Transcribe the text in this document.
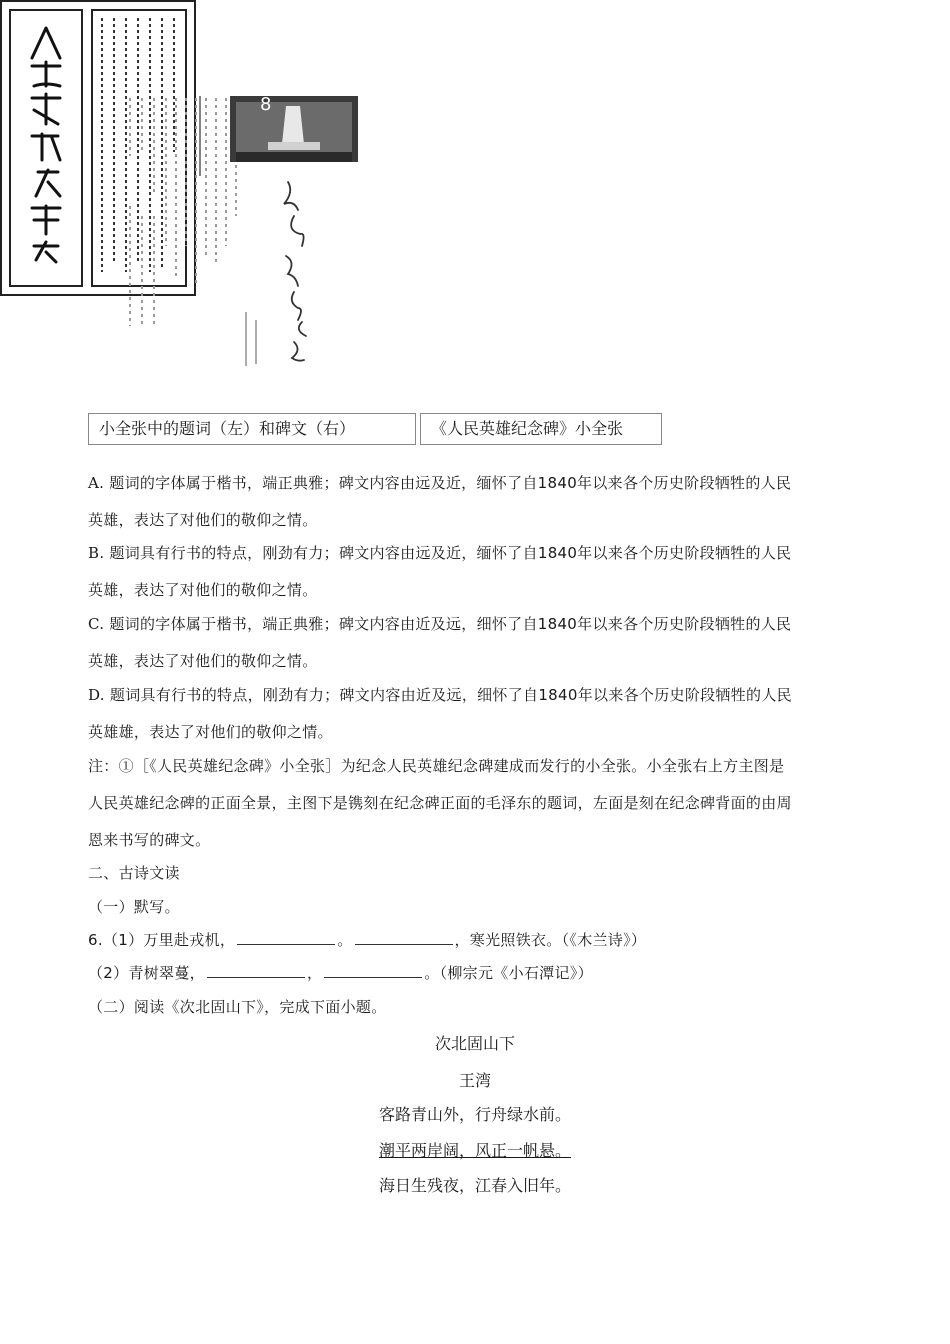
8
小全张中的题词（左）和碑文（右）	《人民英雄纪念碑》小全张
A. 题词的字体属于楷书，端正典雅；碑文内容由远及近，缅怀了自1840年以来各个历史阶段牺牲的人民
英雄，表达了对他们的敬仰之情。
B. 题词具有行书的特点，刚劲有力；碑文内容由远及近，缅怀了自1840年以来各个历史阶段牺牲的人民
英雄，表达了对他们的敬仰之情。
C. 题词的字体属于楷书，端正典雅；碑文内容由近及远，细怀了自1840年以来各个历史阶段牺牲的人民
英雄，表达了对他们的敬仰之情。
D. 题词具有行书的特点，刚劲有力；碑文内容由近及远，细怀了自1840年以来各个历史阶段牺牲的人民
英雄雄，表达了对他们的敬仰之情。
注：①［《人民英雄纪念碑》小全张］为纪念人民英雄纪念碑建成而发行的小全张。小全张右上方主图是
人民英雄纪念碑的正面全景，主图下是镌刻在纪念碑正面的毛泽东的题词，左面是刻在纪念碑背面的由周
恩来书写的碑文。
二、古诗文读
（一）默写。
6.（1）万里赴戎机，	。	，寒光照铁衣。（《木兰诗》）
（2）青树翠蔓，	，	。（柳宗元《小石潭记》）
（二）阅读《次北固山下》，完成下面小题。
次北固山下
王湾
客路青山外，行舟绿水前。
潮平两岸阔，风正一帆悬。
海日生残夜，江春入旧年。
